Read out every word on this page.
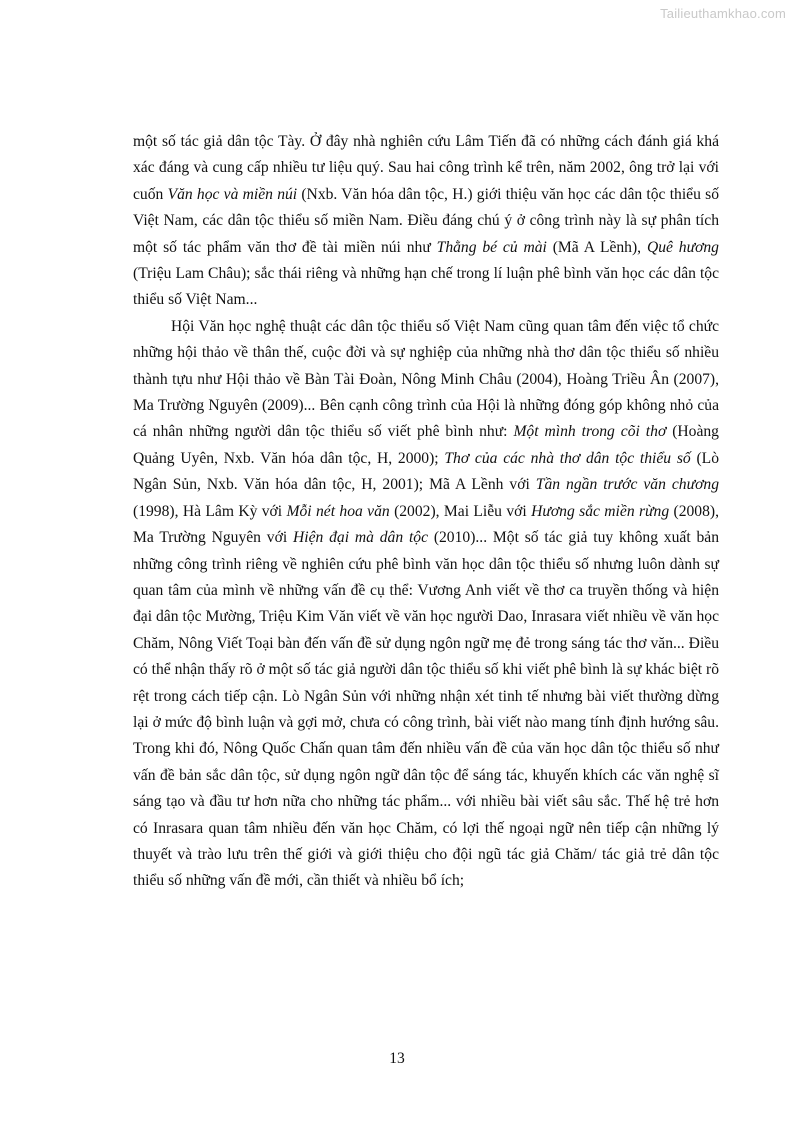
Tailieuthamkhao.com

một số tác giả dân tộc Tày. Ở đây nhà nghiên cứu Lâm Tiến đã có những cách đánh giá khá xác đáng và cung cấp nhiều tư liệu quý. Sau hai công trình kể trên, năm 2002, ông trở lại với cuốn Văn học và miền núi (Nxb. Văn hóa dân tộc, H.) giới thiệu văn học các dân tộc thiểu số Việt Nam, các dân tộc thiểu số miền Nam. Điều đáng chú ý ở công trình này là sự phân tích một số tác phẩm văn thơ đề tài miền núi như Thằng bé củ mài (Mã A Lềnh), Quê hương (Triệu Lam Châu); sắc thái riêng và những hạn chế trong lí luận phê bình văn học các dân tộc thiểu số Việt Nam...

Hội Văn học nghệ thuật các dân tộc thiểu số Việt Nam cũng quan tâm đến việc tổ chức những hội thảo về thân thế, cuộc đời và sự nghiệp của những nhà thơ dân tộc thiểu số nhiều thành tựu như Hội thảo về Bàn Tài Đoàn, Nông Minh Châu (2004), Hoàng Triều Ân (2007), Ma Trường Nguyên (2009)... Bên cạnh công trình của Hội là những đóng góp không nhỏ của cá nhân những người dân tộc thiểu số viết phê bình như: Một mình trong cõi thơ (Hoàng Quảng Uyên, Nxb. Văn hóa dân tộc, H, 2000); Thơ của các nhà thơ dân tộc thiểu số (Lò Ngân Sủn, Nxb. Văn hóa dân tộc, H, 2001); Mã A Lềnh với Tần ngần trước văn chương (1998), Hà Lâm Kỳ với Mỗi nét hoa văn (2002), Mai Liễu với Hương sắc miền rừng (2008), Ma Trường Nguyên với Hiện đại mà dân tộc (2010)... Một số tác giả tuy không xuất bản những công trình riêng về nghiên cứu phê bình văn học dân tộc thiểu số nhưng luôn dành sự quan tâm của mình về những vấn đề cụ thể: Vương Anh viết về thơ ca truyền thống và hiện đại dân tộc Mường, Triệu Kim Văn viết về văn học người Dao, Inrasara viết nhiều về văn học Chăm, Nông Viết Toại bàn đến vấn đề sử dụng ngôn ngữ mẹ đẻ trong sáng tác thơ văn... Điều có thể nhận thấy rõ ở một số tác giả người dân tộc thiểu số khi viết phê bình là sự khác biệt rõ rệt trong cách tiếp cận. Lò Ngân Sủn với những nhận xét tinh tế nhưng bài viết thường dừng lại ở mức độ bình luận và gợi mở, chưa có công trình, bài viết nào mang tính định hướng sâu. Trong khi đó, Nông Quốc Chấn quan tâm đến nhiều vấn đề của văn học dân tộc thiểu số như vấn đề bản sắc dân tộc, sử dụng ngôn ngữ dân tộc để sáng tác, khuyến khích các văn nghệ sĩ sáng tạo và đầu tư hơn nữa cho những tác phẩm... với nhiều bài viết sâu sắc. Thế hệ trẻ hơn có Inrasara quan tâm nhiều đến văn học Chăm, có lợi thế ngoại ngữ nên tiếp cận những lý thuyết và trào lưu trên thế giới và giới thiệu cho đội ngũ tác giả Chăm/ tác giả trẻ dân tộc thiểu số những vấn đề mới, cần thiết và nhiều bổ ích;

13
